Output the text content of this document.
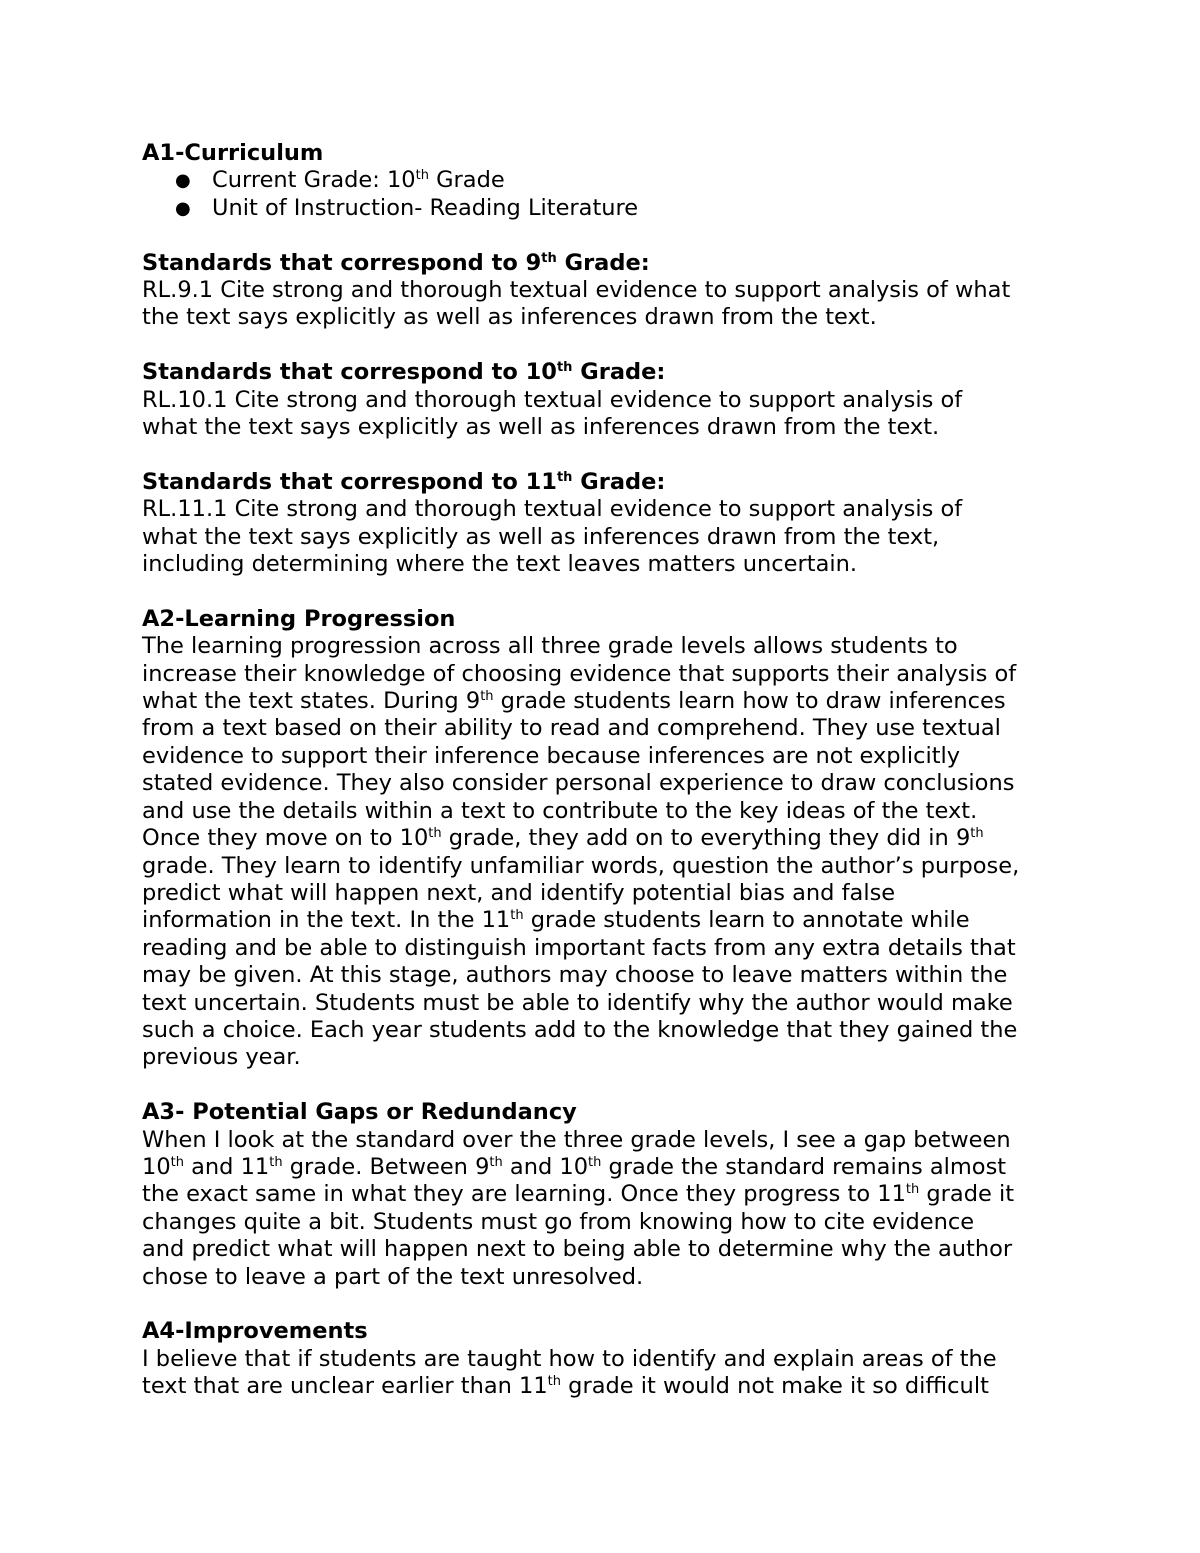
A1-Curriculum

● Current Grade: 10th Grade
● Unit of Instruction- Reading Literature

Standards that correspond to 9th Grade:

RL.9.1 Cite strong and thorough textual evidence to support analysis of what
the text says explicitly as well as inferences drawn from the text.

Standards that correspond to 10th Grade:

RL.10.1 Cite strong and thorough textual evidence to support analysis of
what the text says explicitly as well as inferences drawn from the text.

Standards that correspond to 11th Grade:

RL.11.1 Cite strong and thorough textual evidence to support analysis of
what the text says explicitly as well as inferences drawn from the text,
including determining where the text leaves matters uncertain.

A2-Learning Progression

The learning progression across all three grade levels allows students to
increase their knowledge of choosing evidence that supports their analysis of
what the text states. During 9th grade students learn how to draw inferences
from a text based on their ability to read and comprehend. They use textual
evidence to support their inference because inferences are not explicitly
stated evidence. They also consider personal experience to draw conclusions
and use the details within a text to contribute to the key ideas of the text.
Once they move on to 10th grade, they add on to everything they did in 9th
grade. They learn to identify unfamiliar words, question the author’s purpose,
predict what will happen next, and identify potential bias and false
information in the text. In the 11th grade students learn to annotate while
reading and be able to distinguish important facts from any extra details that
may be given. At this stage, authors may choose to leave matters within the
text uncertain. Students must be able to identify why the author would make
such a choice. Each year students add to the knowledge that they gained the
previous year.

A3- Potential Gaps or Redundancy

When I look at the standard over the three grade levels, I see a gap between
10th and 11th grade. Between 9th and 10th grade the standard remains almost
the exact same in what they are learning. Once they progress to 11th grade it
changes quite a bit. Students must go from knowing how to cite evidence
and predict what will happen next to being able to determine why the author
chose to leave a part of the text unresolved.

A4-Improvements

I believe that if students are taught how to identify and explain areas of the
text that are unclear earlier than 11th grade it would not make it so difficult
